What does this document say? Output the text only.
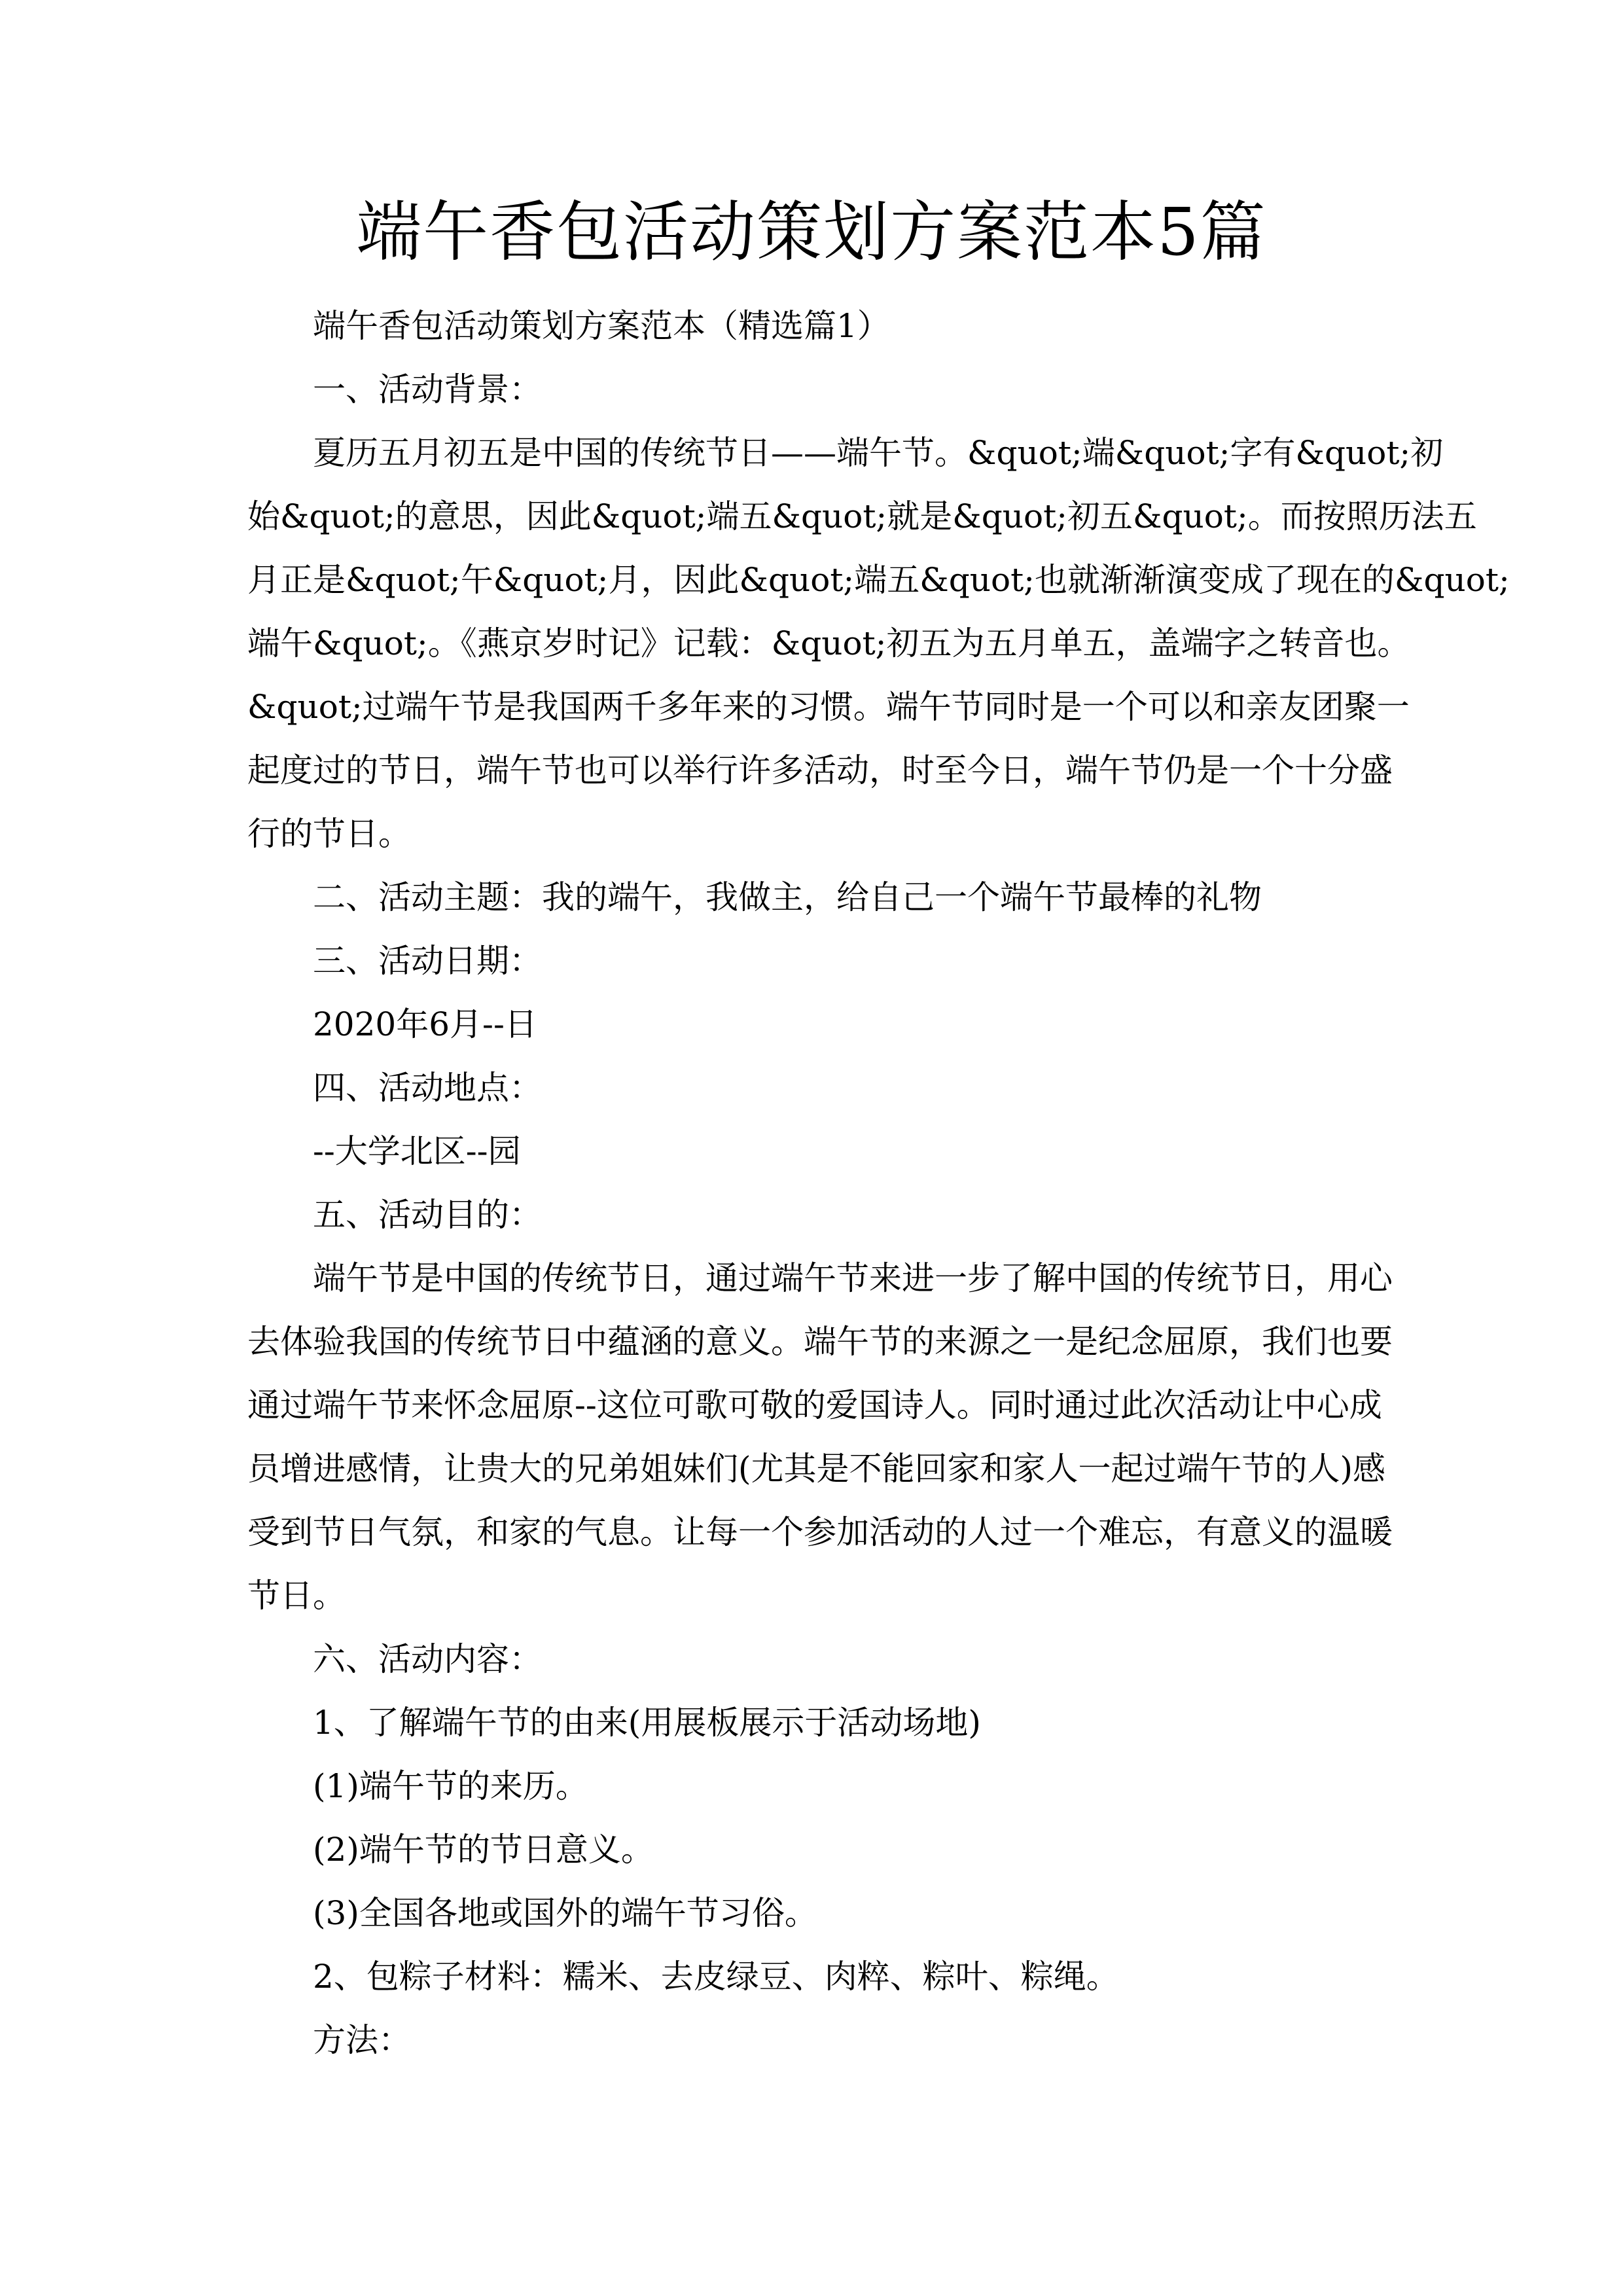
端午香包活动策划方案范本5篇
端午香包活动策划方案范本（精选篇1）
一、活动背景：
夏历五月初五是中国的传统节日——端午节。&quot;端&quot;字有&quot;初
始&quot;的意思，因此&quot;端五&quot;就是&quot;初五&quot;。而按照历法五
月正是&quot;午&quot;月，因此&quot;端五&quot;也就渐渐演变成了现在的&quot;
端午&quot;。《燕京岁时记》记载：&quot;初五为五月单五，盖端字之转音也。
&quot;过端午节是我国两千多年来的习惯。端午节同时是一个可以和亲友团聚一
起度过的节日，端午节也可以举行许多活动，时至今日，端午节仍是一个十分盛
行的节日。
二、活动主题：我的端午，我做主，给自己一个端午节最棒的礼物
三、活动日期：
2020年6月--日
四、活动地点：
--大学北区--园
五、活动目的：
端午节是中国的传统节日，通过端午节来进一步了解中国的传统节日，用心
去体验我国的传统节日中蕴涵的意义。端午节的来源之一是纪念屈原，我们也要
通过端午节来怀念屈原--这位可歌可敬的爱国诗人。同时通过此次活动让中心成
员增进感情，让贵大的兄弟姐妹们(尤其是不能回家和家人一起过端午节的人)感
受到节日气氛，和家的气息。让每一个参加活动的人过一个难忘，有意义的温暖
节日。
六、活动内容：
1、了解端午节的由来(用展板展示于活动场地)
(1)端午节的来历。
(2)端午节的节日意义。
(3)全国各地或国外的端午节习俗。
2、包粽子材料：糯米、去皮绿豆、肉粹、粽叶、粽绳。
方法：
